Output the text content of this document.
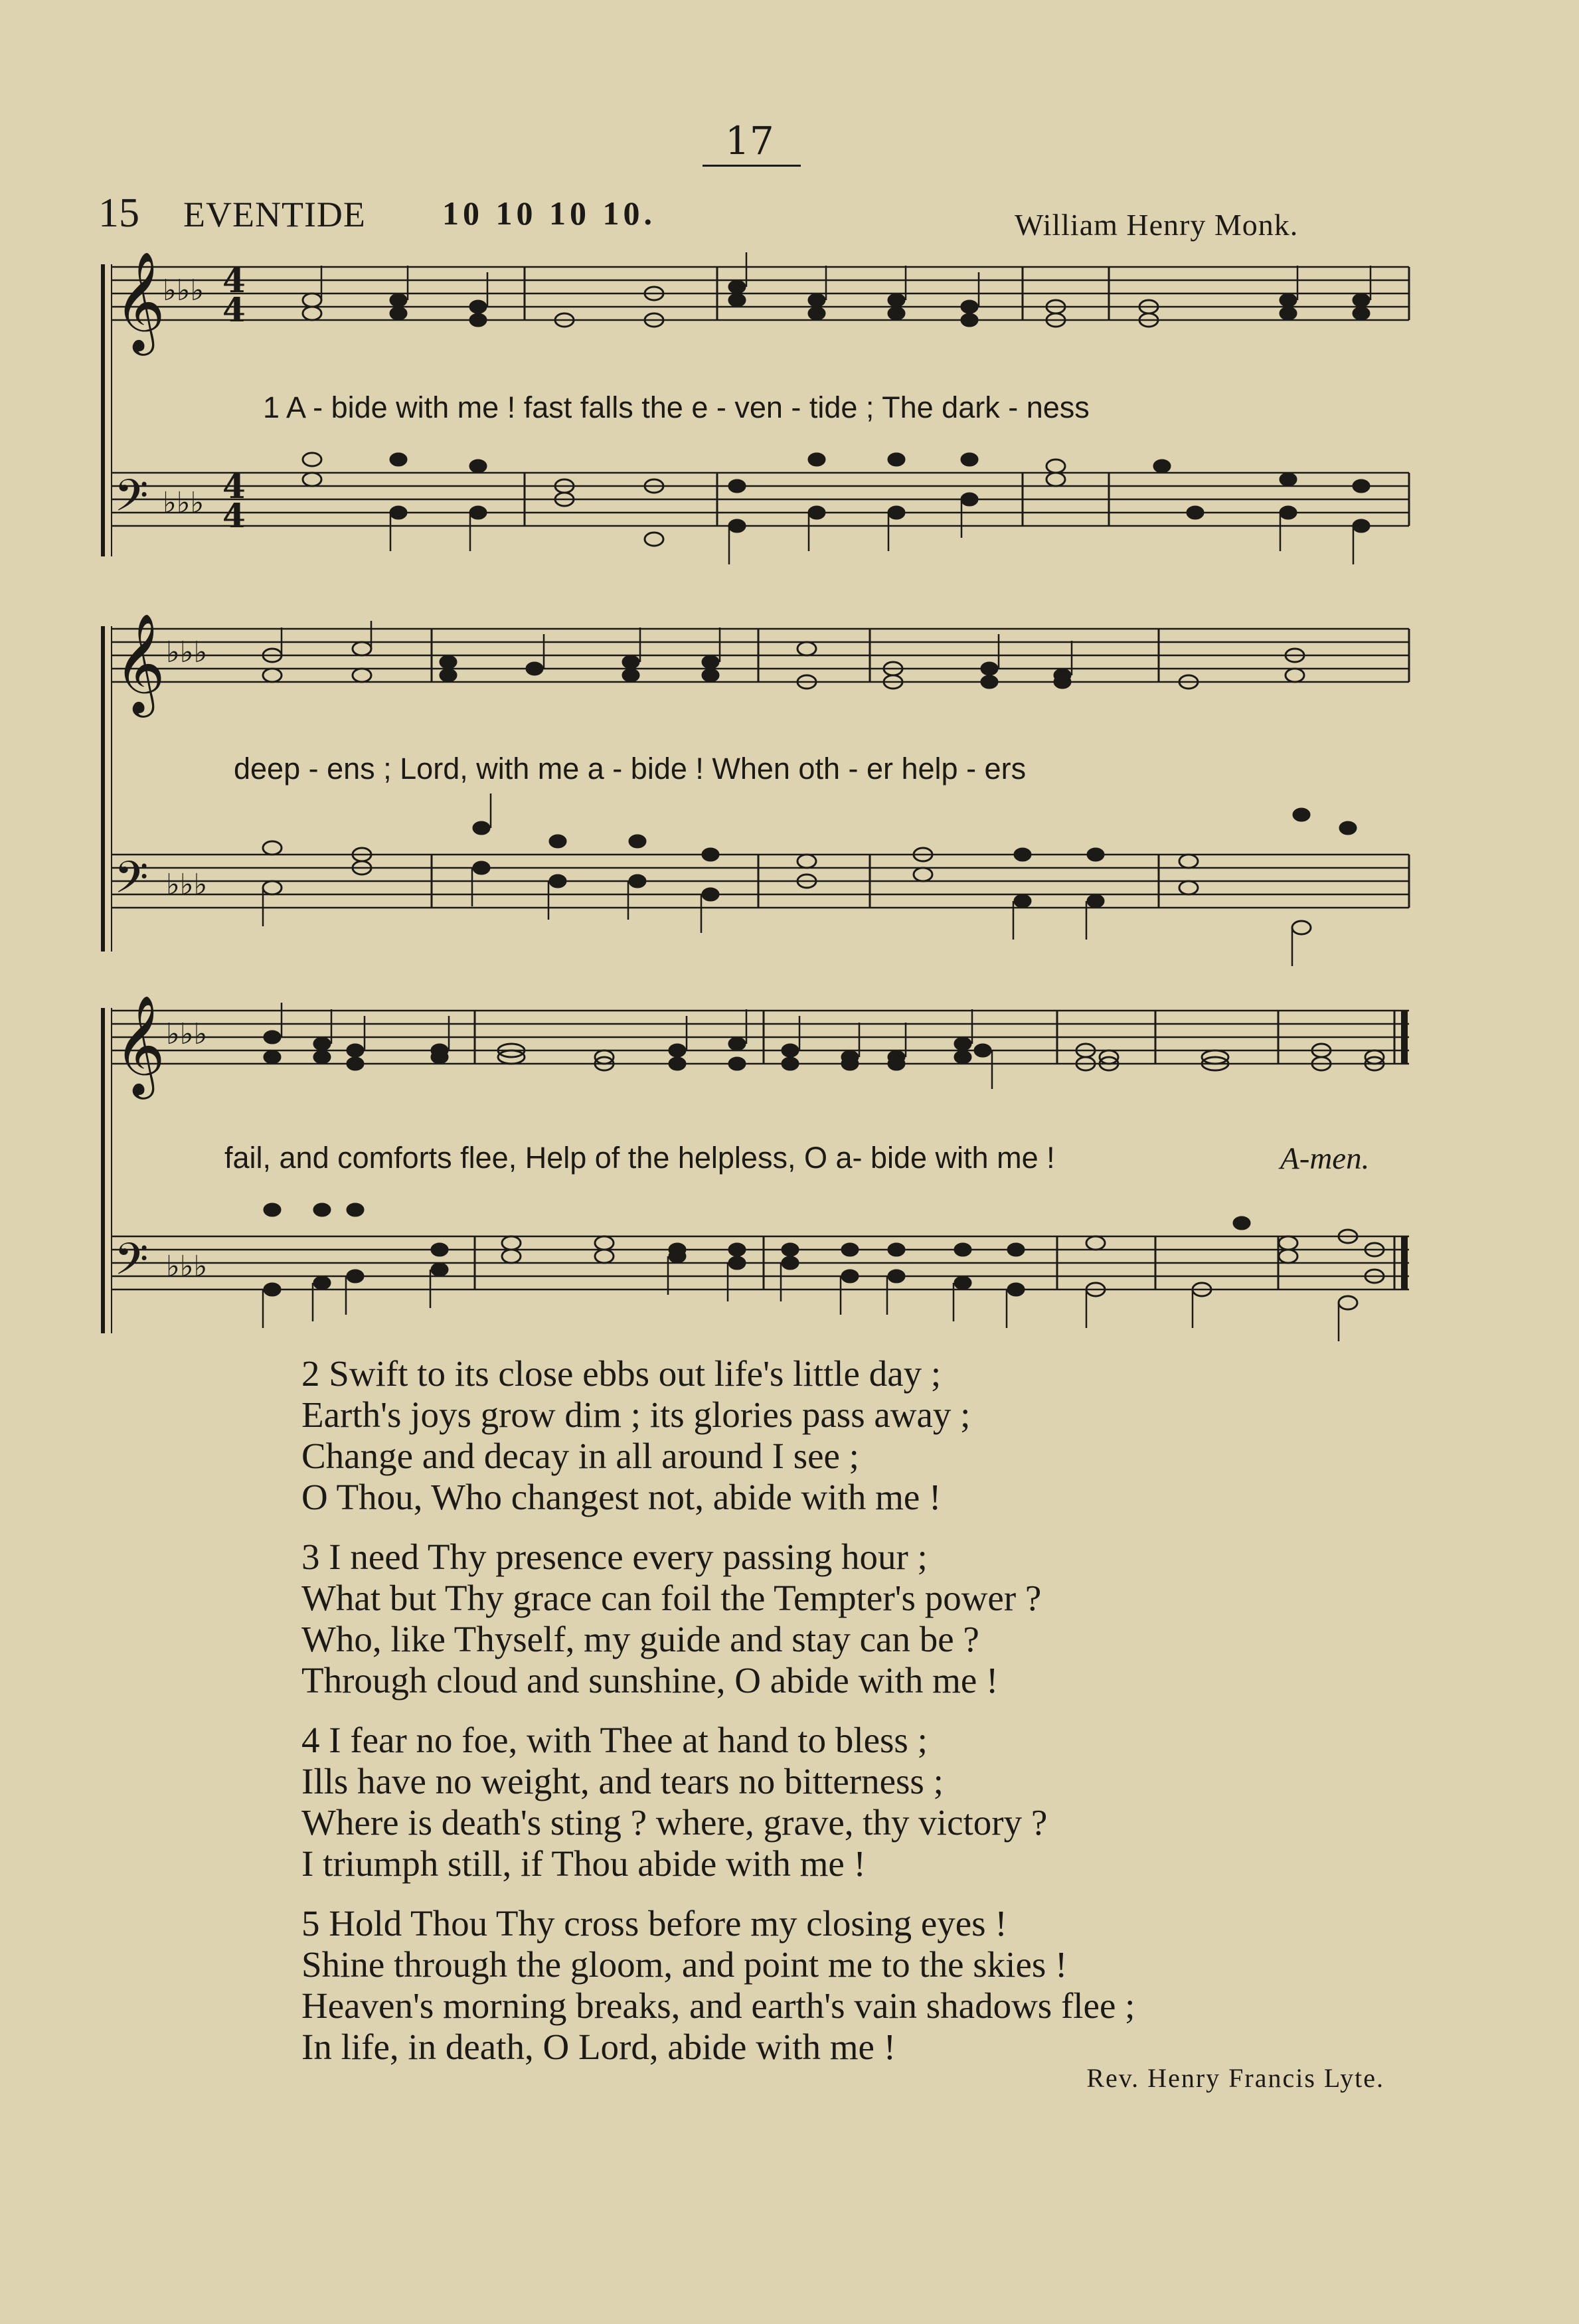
17
15 EVENTIDE 10 10 10 10.	William Henry Monk.
𝄞
𝄢
♭♭♭
♭♭♭
4
4
4
4
1 A - bide with me ! fast falls the e - ven - tide ; The dark - ness
𝄞
𝄢
♭♭♭
♭♭♭
deep - ens ; Lord, with me a - bide ! When oth - er help - ers
𝄞
𝄢
♭♭♭
♭♭♭
fail, and comforts flee, Help of the helpless, O a- bide with me !	A-men.
2 Swift to its close ebbs out life's little day ;
Earth's joys grow dim ; its glories pass away ;
Change and decay in all around I see ;
O Thou, Who changest not, abide with me !
3 I need Thy presence every passing hour ;
What but Thy grace can foil the Tempter's power ?
Who, like Thyself, my guide and stay can be ?
Through cloud and sunshine, O abide with me !
4 I fear no foe, with Thee at hand to bless ;
Ills have no weight, and tears no bitterness ;
Where is death's sting ? where, grave, thy victory ?
I triumph still, if Thou abide with me !
5 Hold Thou Thy cross before my closing eyes !
Shine through the gloom, and point me to the skies !
Heaven's morning breaks, and earth's vain shadows flee ;
In life, in death, O Lord, abide with me !
Rev. Henry Francis Lyte.
